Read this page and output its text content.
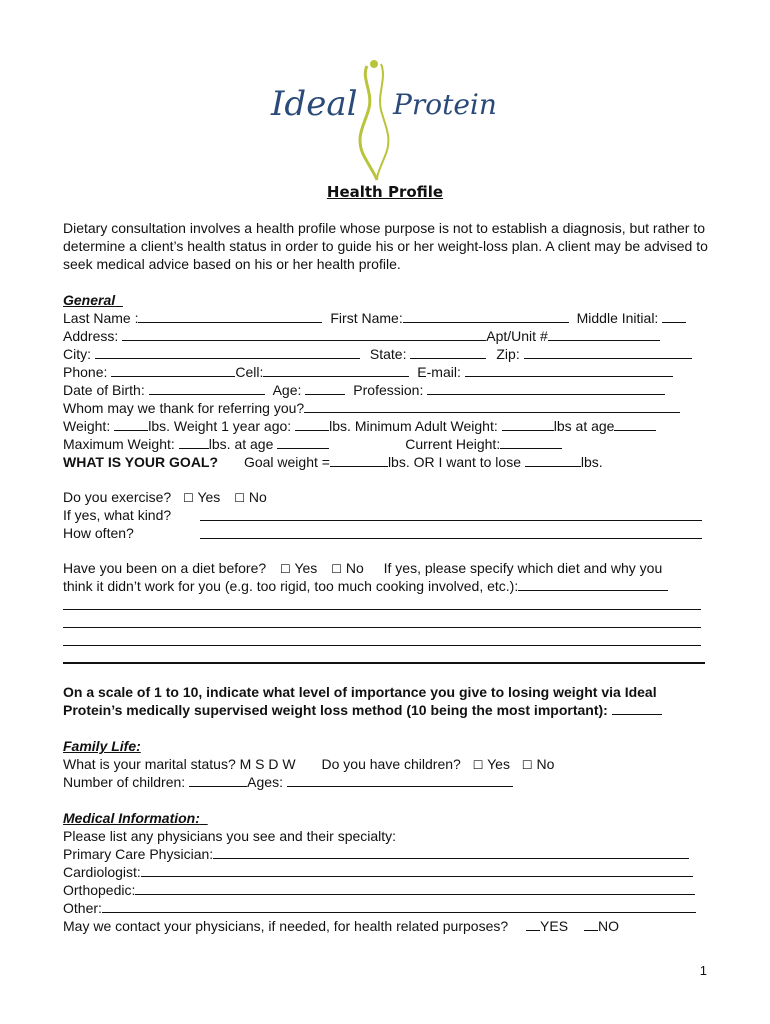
Ideal Protein
Health Profile
Dietary consultation involves a health profile whose purpose is not to establish a diagnosis, but rather to determine a client’s health status in order to guide his or her weight-loss plan. A client may be advised to seek medical advice based on his or her health profile.
General
Last Name :	First Name:	Middle Initial:
Address:	Apt/Unit #
City:	State:	Zip:
Phone:	Cell:	E-mail:
Date of Birth:	Age:	Profession:
Whom may we thank for referring you?
Weight:	lbs. Weight 1 year ago:	lbs. Minimum Adult Weight:	lbs at age
Maximum Weight: lbs. at age	Current Height:
WHAT IS YOUR GOAL? Goal weight =	lbs. OR I want to lose	lbs.
Do you exercise? ☐ Yes ☐ No
If yes, what kind?
How often?
Have you been on a diet before? ☐ Yes ☐ No If yes, please specify which diet and why you
think it didn’t work for you (e.g. too rigid, too much cooking involved, etc.):
On a scale of 1 to 10, indicate what level of importance you give to losing weight via Ideal
Protein’s medically supervised weight loss method (10 being the most important):
Family Life:
What is your marital status? M S D W Do you have children? ☐ Yes ☐ No
Number of children:	Ages:
Medical Information:
Please list any physicians you see and their specialty:
Primary Care Physician:
Cardiologist:
Orthopedic:
Other:
May we contact your physicians, if needed, for health related purposes? YES NO
1
